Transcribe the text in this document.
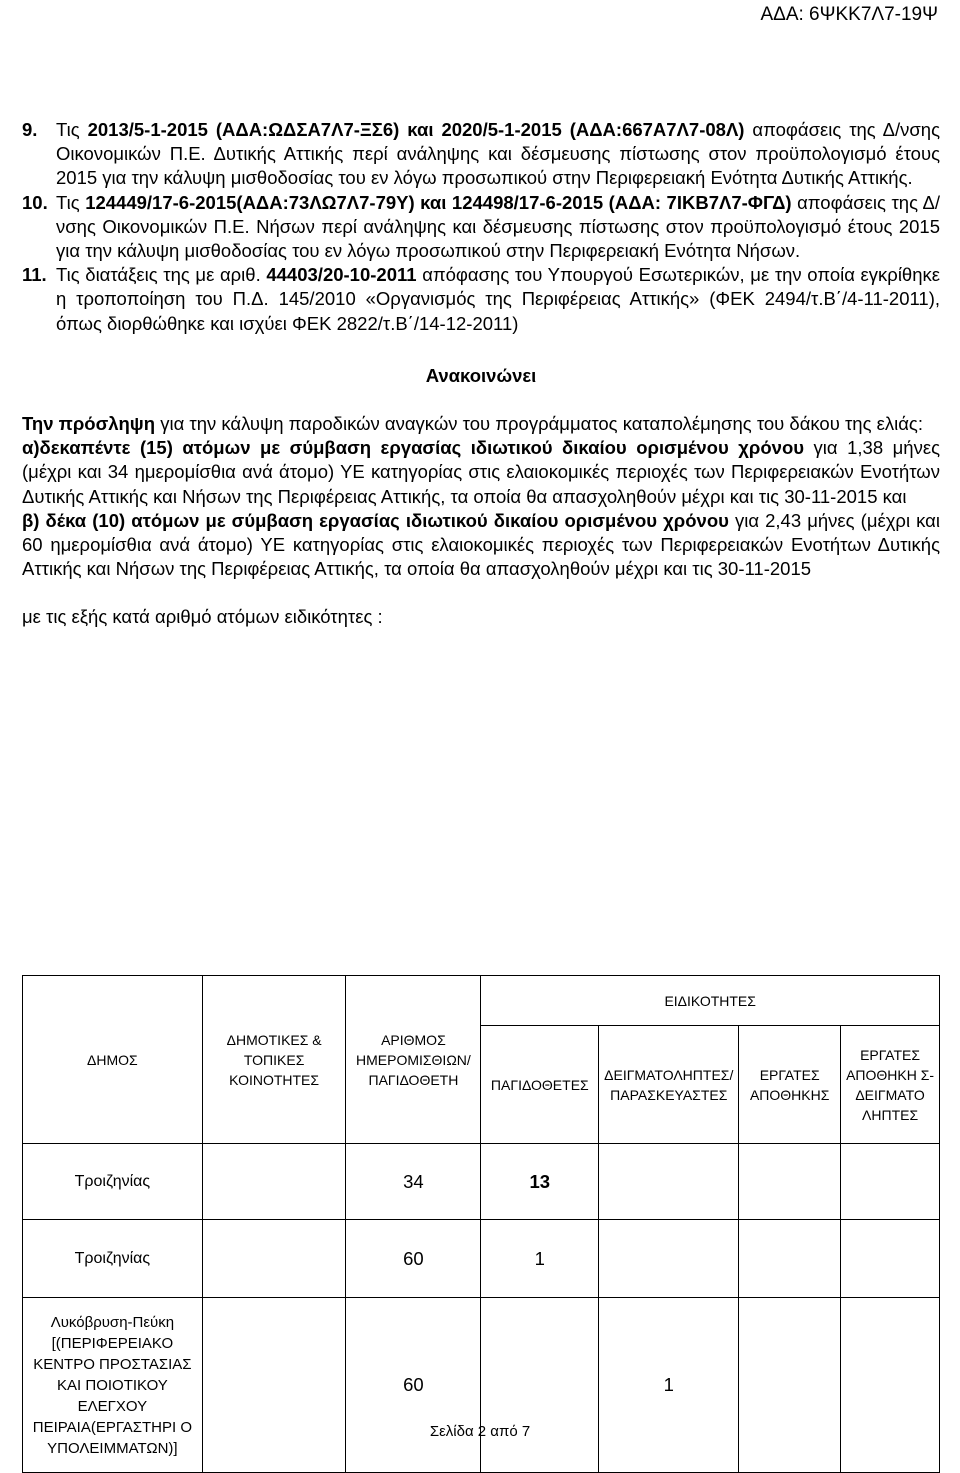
ΑΔΑ: 6ΨΚΚ7Λ7-19Ψ
9.	Τις 2013/5-1-2015 (ΑΔΑ:ΩΔΣΑ7Λ7-ΞΣ6) και 2020/5-1-2015 (ΑΔΑ:667Α7Λ7-08Λ) αποφάσεις της Δ/νσης Οικονομικών Π.Ε. Δυτικής Αττικής περί ανάληψης και δέσμευσης πίστωσης στον προϋπολογισμό έτους 2015 για την κάλυψη μισθοδοσίας του εν λόγω προσωπικού στην Περιφερειακή Ενότητα Δυτικής Αττικής.
10. Τις 124449/17-6-2015(ΑΔΑ:73ΛΩ7Λ7-79Υ) και 124498/17-6-2015 (ΑΔΑ: 7ΙΚΒ7Λ7-ΦΓΔ) αποφάσεις της Δ/νσης Οικονομικών Π.Ε. Νήσων περί ανάληψης και δέσμευσης πίστωσης στον προϋπολογισμό έτους 2015 για την κάλυψη μισθοδοσίας του εν λόγω προσωπικού στην Περιφερειακή Ενότητα Νήσων.
11. Τις διατάξεις της με αριθ. 44403/20-10-2011 απόφασης του Υπουργού Εσωτερικών, με την οποία εγκρίθηκε η τροποποίηση του Π.Δ. 145/2010 «Οργανισμός της Περιφέρειας Αττικής» (ΦΕΚ 2494/τ.Β΄/4-11-2011), όπως διορθώθηκε και ισχύει ΦΕΚ 2822/τ.Β΄/14-12-2011)
Ανακοινώνει
Την πρόσληψη για την κάλυψη παροδικών αναγκών του προγράμματος καταπολέμησης του δάκου της ελιάς:
α)δεκαπέντε (15) ατόμων με σύμβαση εργασίας ιδιωτικού δικαίου ορισμένου χρόνου για 1,38 μήνες (μέχρι και 34 ημερομίσθια ανά άτομο) ΥΕ κατηγορίας στις ελαιοκομικές περιοχές των Περιφερειακών Ενοτήτων Δυτικής Αττικής και Νήσων της Περιφέρειας Αττικής, τα οποία θα απασχοληθούν μέχρι και τις 30-11-2015 και
β) δέκα (10) ατόμων με σύμβαση εργασίας ιδιωτικού δικαίου ορισμένου χρόνου για 2,43 μήνες (μέχρι και 60 ημερομίσθια ανά άτομο) ΥΕ κατηγορίας στις ελαιοκομικές περιοχές των Περιφερειακών Ενοτήτων Δυτικής Αττικής και Νήσων της Περιφέρειας Αττικής, τα οποία θα απασχοληθούν μέχρι και τις 30-11-2015
με τις εξής κατά αριθμό ατόμων ειδικότητες :
ΔΗΜΟΣ	ΔΗΜΟΤΙΚΕΣ & ΤΟΠΙΚΕΣ ΚΟΙΝΟΤΗΤΕΣ	ΑΡΙΘΜΟΣ ΗΜΕΡΟΜΙΣΘΙΩΝ/ ΠΑΓΙΔΟΘΕΤΗ	ΕΙΔΙΚΟΤΗΤΕΣ			
			ΠΑΓΙΔΟΘΕΤΕΣ	ΔΕΙΓΜΑΤΟΛΗΠΤΕΣ/ ΠΑΡΑΣΚΕΥΑΣΤΕΣ	ΕΡΓΑΤΕΣ ΑΠΟΘΗΚΗΣ	ΕΡΓΑΤΕΣ ΑΠΟΘΗΚΗ Σ-ΔΕΙΓΜΑΤΟ ΛΗΠΤΕΣ
Τροιζηνίας		34	13			
Τροιζηνίας		60	1			
Λυκόβρυση-Πεύκη [(ΠΕΡΙΦΕΡΕΙΑΚΟ ΚΕΝΤΡΟ ΠΡΟΣΤΑΣΙΑΣ ΚΑΙ ΠΟΙΟΤΙΚΟΥ ΕΛΕΓΧΟΥ ΠΕΙΡΑΙΑ(ΕΡΓΑΣΤΗΡΙ Ο ΥΠΟΛΕΙΜΜΑΤΩΝ)]		60		1		
Σελίδα 2 από 7
